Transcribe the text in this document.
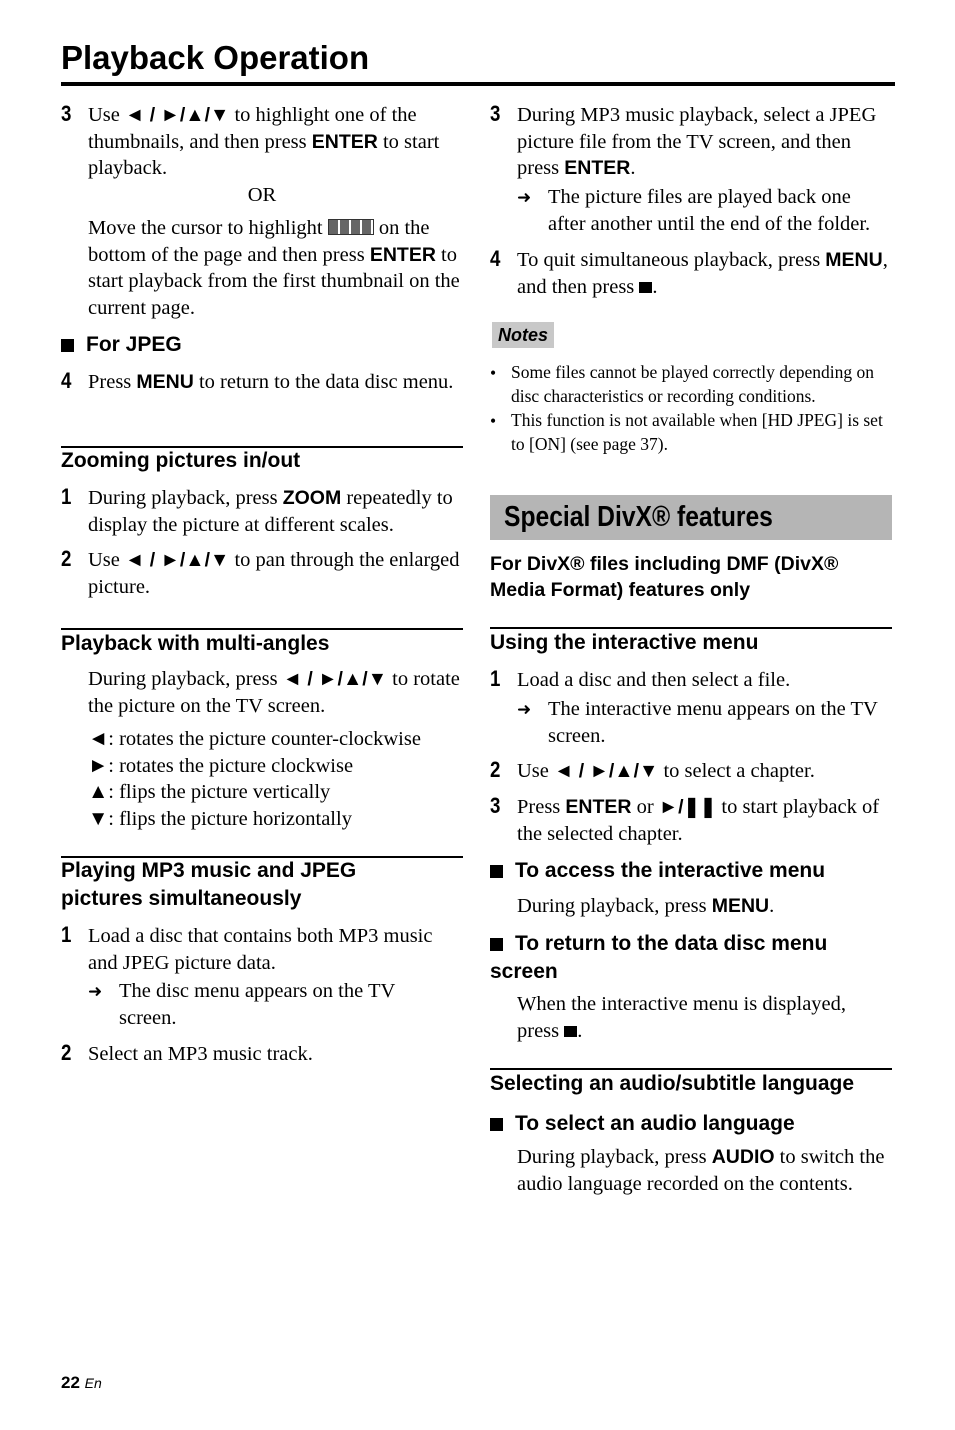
Playback Operation
3 Use ◄ / ►/▲/▼ to highlight one of the thumbnails, and then press ENTER to start playback.
OR
Move the cursor to highlight  on the bottom of the page and then press ENTER to start playback from the first thumbnail on the current page.
For JPEG
4 Press MENU to return to the data disc menu.
Zooming pictures in/out
1 During playback, press ZOOM repeatedly to display the picture at different scales.
2 Use ◄ / ►/▲/▼ to pan through the enlarged picture.
Playback with multi-angles
During playback, press ◄ / ►/▲/▼ to rotate the picture on the TV screen.
◄: rotates the picture counter-clockwise
►: rotates the picture clockwise
▲: flips the picture vertically
▼: flips the picture horizontally
Playing MP3 music and JPEG pictures simultaneously
1 Load a disc that contains both MP3 music and JPEG picture data.
➜ The disc menu appears on the TV screen.
2 Select an MP3 music track.
3 During MP3 music playback, select a JPEG picture file from the TV screen, and then press ENTER.
➜ The picture files are played back one after another until the end of the folder.
4 To quit simultaneous playback, press MENU, and then press .
Notes
• Some files cannot be played correctly depending on disc characteristics or recording conditions.
• This function is not available when [HD JPEG] is set to [ON] (see page 37).
Special DivX® features
For DivX® files including DMF (DivX® Media Format) features only
Using the interactive menu
1 Load a disc and then select a file.
➜ The interactive menu appears on the TV screen.
2 Use ◄ / ►/▲/▼ to select a chapter.
3 Press ENTER or ►/❚❚ to start playback of the selected chapter.
To access the interactive menu
During playback, press MENU.
To return to the data disc menu screen
When the interactive menu is displayed, press .
Selecting an audio/subtitle language
To select an audio language
During playback, press AUDIO to switch the audio language recorded on the contents.
22 En
